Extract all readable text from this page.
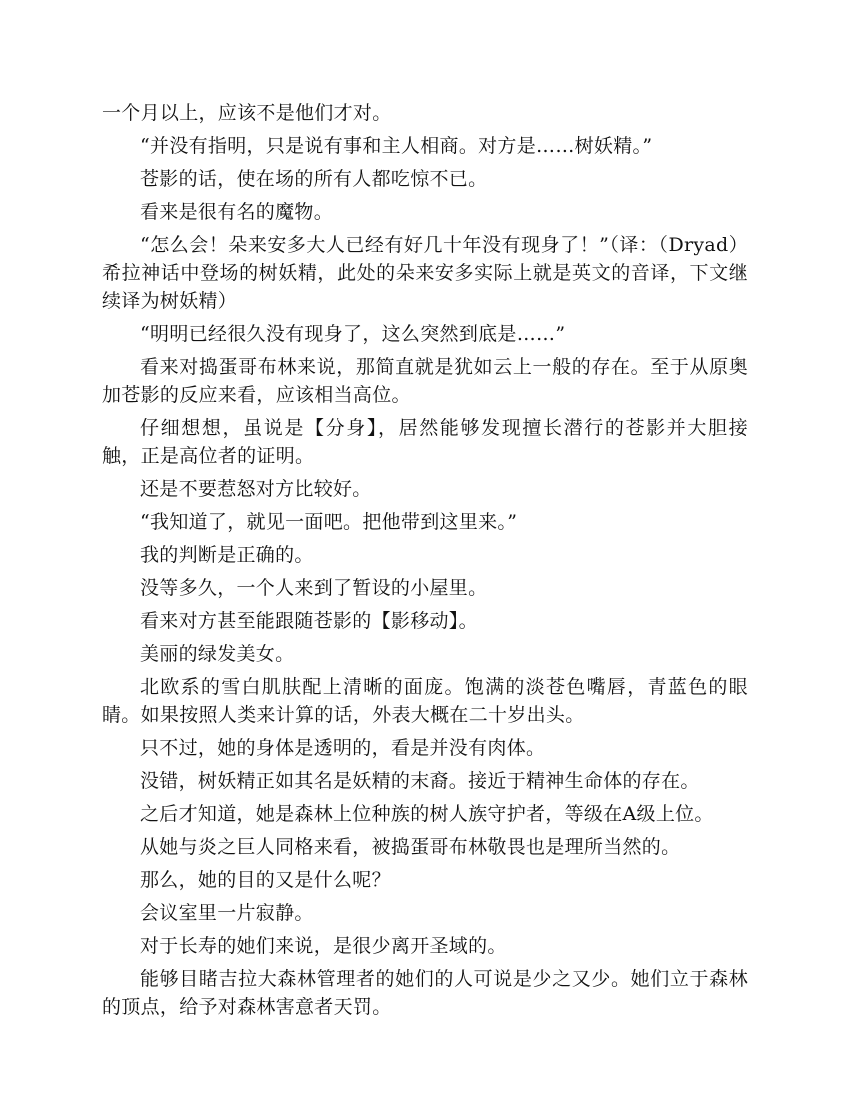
一个月以上，应该不是他们才对。

“并没有指明，只是说有事和主人相商。对方是……树妖精。”

苍影的话，使在场的所有人都吃惊不已。

看来是很有名的魔物。

“怎么会！朵来安多大人已经有好几十年没有现身了！”（译：（Dryad）希拉神话中登场的树妖精，此处的朵来安多实际上就是英文的音译，下文继续译为树妖精）

“明明已经很久没有现身了，这么突然到底是……”

看来对捣蛋哥布林来说，那简直就是犹如云上一般的存在。至于从原奥加苍影的反应来看，应该相当高位。

仔细想想，虽说是【分身】，居然能够发现擅长潜行的苍影并大胆接触，正是高位者的证明。

还是不要惹怒对方比较好。

“我知道了，就见一面吧。把他带到这里来。”

我的判断是正确的。

没等多久，一个人来到了暂设的小屋里。

看来对方甚至能跟随苍影的【影移动】。

美丽的绿发美女。

北欧系的雪白肌肤配上清晰的面庞。饱满的淡苍色嘴唇，青蓝色的眼睛。如果按照人类来计算的话，外表大概在二十岁出头。

只不过，她的身体是透明的，看是并没有肉体。

没错，树妖精正如其名是妖精的末裔。接近于精神生命体的存在。

之后才知道，她是森林上位种族的树人族守护者，等级在A级上位。

从她与炎之巨人同格来看，被捣蛋哥布林敬畏也是理所当然的。

那么，她的目的又是什么呢？

会议室里一片寂静。

对于长寿的她们来说，是很少离开圣域的。

能够目睹吉拉大森林管理者的她们的人可说是少之又少。她们立于森林的顶点，给予对森林害意者天罚。
